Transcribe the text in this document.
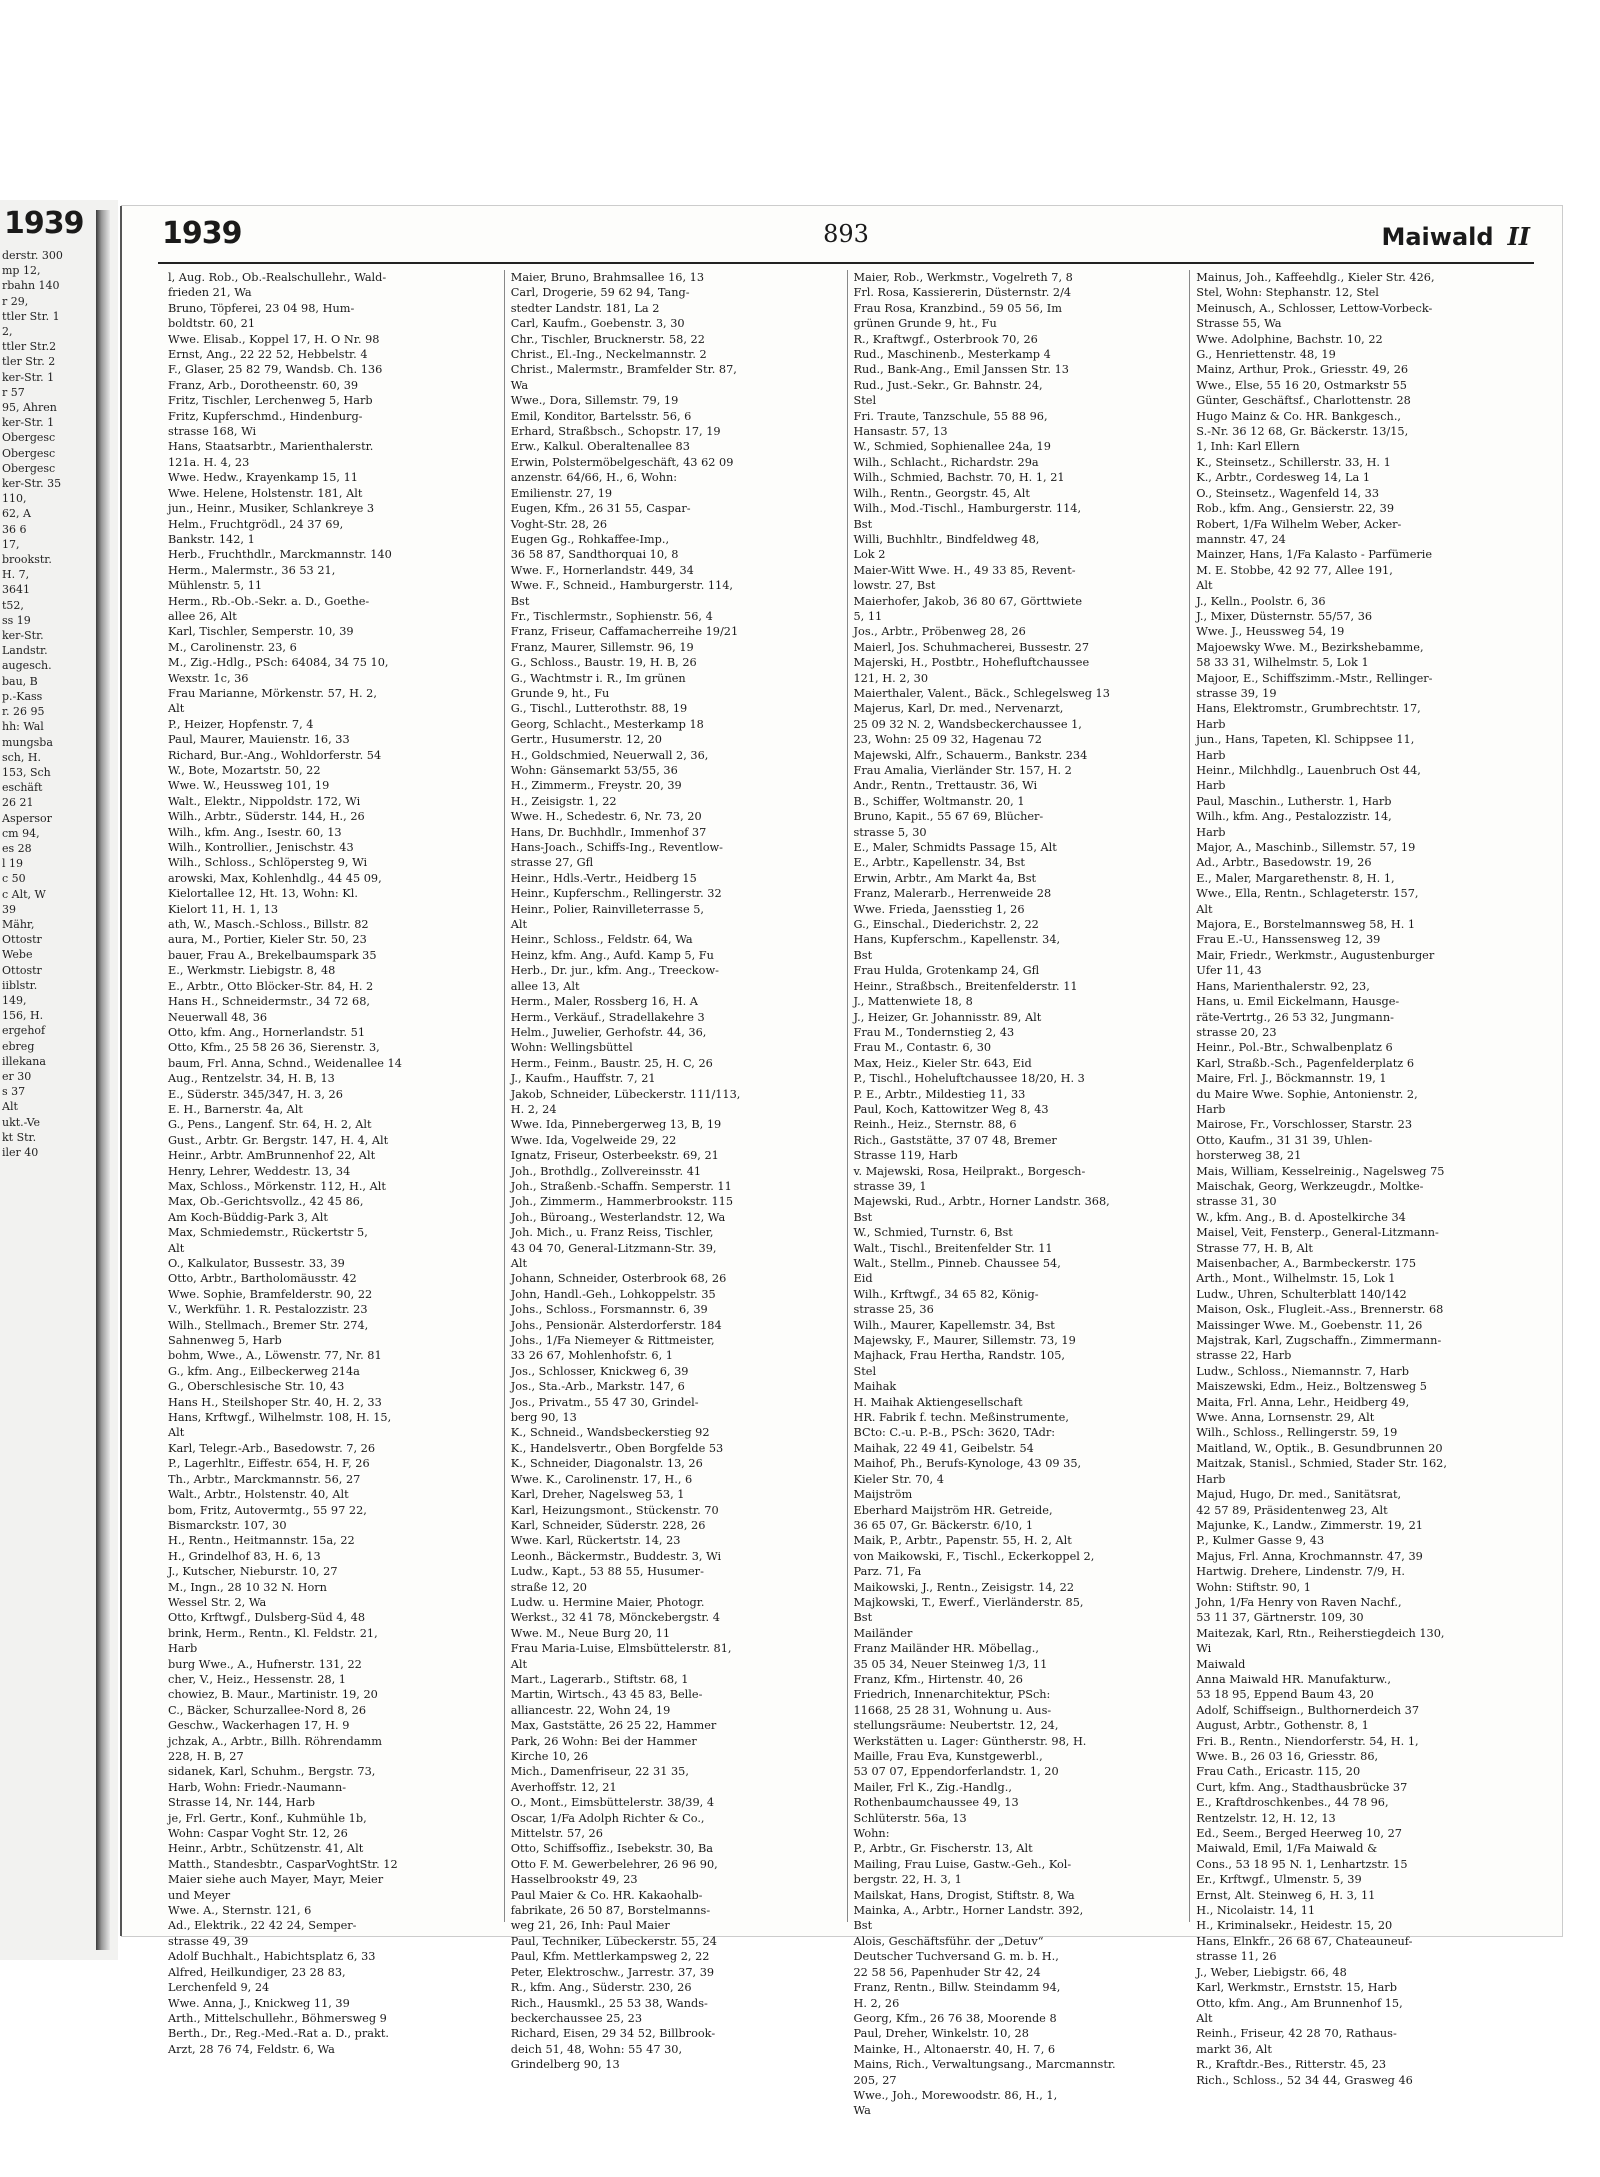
1939
derstr. 300
mp 12,
rbahn 140
r 29,
ttler Str. 1
2,
ttler Str.2
tler Str. 2
ker-Str. 1
r 57
95, Ahren
ker-Str. 1
Obergesc
Obergesc
Obergesc
ker-Str. 35
110,
62, A
36 6
17,
brookstr.
H. 7,
3641
t52,
ss 19
ker-Str.
Landstr.
augesch.
bau, B
p.-Kass
r. 26 95
hh: Wal
mungsba
sch, H.
153, Sch
eschäft
26 21
Aspersor
cm 94,
es 28
l 19
c 50
c Alt, W
39
Mähr,
Ottostr
Webe
Ottostr
iiblstr.
149,
156, H.
ergehof
ebreg
illekana
er 30
s 37
Alt
ukt.-Ve
kt Str.
iler 40
1939	893	Maiwald II
l, Aug. Rob., Ob.-Realschullehr., Wald-
frieden 21, Wa
Bruno, Töpferei, 23 04 98, Hum-
boldtstr. 60, 21
Wwe. Elisab., Koppel 17, H. O Nr. 98
Ernst, Ang., 22 22 52, Hebbelstr. 4
F., Glaser, 25 82 79, Wandsb. Ch. 136
Franz, Arb., Dorotheenstr. 60, 39
Fritz, Tischler, Lerchenweg 5, Harb
Fritz, Kupferschmd., Hindenburg-
strasse 168, Wi
Hans, Staatsarbtr., Marienthalerstr.
121a. H. 4, 23
Wwe. Hedw., Krayenkamp 15, 11
Wwe. Helene, Holstenstr. 181, Alt
jun., Heinr., Musiker, Schlankreye 3
Helm., Fruchtgrödl., 24 37 69,
Bankstr. 142, 1
Herb., Fruchthdlr., Marckmannstr. 140
Herm., Malermstr., 36 53 21,
Mühlenstr. 5, 11
Herm., Rb.-Ob.-Sekr. a. D., Goethe-
allee 26, Alt
Karl, Tischler, Semperstr. 10, 39
M., Carolinenstr. 23, 6
M., Zig.-Hdlg., PSch: 64084, 34 75 10,
Wexstr. 1c, 36
Frau Marianne, Mörkenstr. 57, H. 2,
Alt
P., Heizer, Hopfenstr. 7, 4
Paul, Maurer, Mauienstr. 16, 33
Richard, Bur.-Ang., Wohldorferstr. 54
W., Bote, Mozartstr. 50, 22
Wwe. W., Heussweg 101, 19
Walt., Elektr., Nippoldstr. 172, Wi
Wilh., Arbtr., Süderstr. 144, H., 26
Wilh., kfm. Ang., Isestr. 60, 13
Wilh., Kontrollier., Jenischstr. 43
Wilh., Schloss., Schlöpersteg 9, Wi
arowski, Max, Kohlenhdlg., 44 45 09,
Kielortallee 12, Ht. 13, Wohn: Kl.
Kielort 11, H. 1, 13
ath, W., Masch.-Schloss., Billstr. 82
aura, M., Portier, Kieler Str. 50, 23
bauer, Frau A., Brekelbaumspark 35
E., Werkmstr. Liebigstr. 8, 48
E., Arbtr., Otto Blöcker-Str. 84, H. 2
Hans H., Schneidermstr., 34 72 68,
Neuerwall 48, 36
Otto, kfm. Ang., Hornerlandstr. 51
Otto, Kfm., 25 58 26 36, Sierenstr. 3,
baum, Frl. Anna, Schnd., Weidenallee 14
Aug., Rentzelstr. 34, H. B, 13
E., Süderstr. 345/347, H. 3, 26
E. H., Barnerstr. 4a, Alt
G., Pens., Langenf. Str. 64, H. 2, Alt
Gust., Arbtr. Gr. Bergstr. 147, H. 4, Alt
Heinr., Arbtr. AmBrunnenhof 22, Alt
Henry, Lehrer, Weddestr. 13, 34
Max, Schloss., Mörkenstr. 112, H., Alt
Max, Ob.-Gerichtsvollz., 42 45 86,
Am Koch-Büddig-Park 3, Alt
Max, Schmiedemstr., Rückertstr 5,
Alt
O., Kalkulator, Bussestr. 33, 39
Otto, Arbtr., Bartholomäusstr. 42
Wwe. Sophie, Bramfelderstr. 90, 22
V., Werkführ. 1. R. Pestalozzistr. 23
Wilh., Stellmach., Bremer Str. 274,
Sahnenweg 5, Harb
bohm, Wwe., A., Löwenstr. 77, Nr. 81
G., kfm. Ang., Eilbeckerweg 214a
G., Oberschlesische Str. 10, 43
Hans H., Steilshoper Str. 40, H. 2, 33
Hans, Krftwgf., Wilhelmstr. 108, H. 15,
Alt
Karl, Telegr.-Arb., Basedowstr. 7, 26
P., Lagerhltr., Eiffestr. 654, H. F, 26
Th., Arbtr., Marckmannstr. 56, 27
Walt., Arbtr., Holstenstr. 40, Alt
bom, Fritz, Autovermtg., 55 97 22,
Bismarckstr. 107, 30
H., Rentn., Heitmannstr. 15a, 22
H., Grindelhof 83, H. 6, 13
J., Kutscher, Nieburstr. 10, 27
M., Ingn., 28 10 32 N. Horn
Wessel Str. 2, Wa
Otto, Krftwgf., Dulsberg-Süd 4, 48
brink, Herm., Rentn., Kl. Feldstr. 21,
Harb
burg Wwe., A., Hufnerstr. 131, 22
cher, V., Heiz., Hessenstr. 28, 1
chowiez, B. Maur., Martinistr. 19, 20
C., Bäcker, Schurzallee-Nord 8, 26
Geschw., Wackerhagen 17, H. 9
jchzak, A., Arbtr., Billh. Röhrendamm
228, H. B, 27
sidanek, Karl, Schuhm., Bergstr. 73,
Harb, Wohn: Friedr.-Naumann-
Strasse 14, Nr. 144, Harb
je, Frl. Gertr., Konf., Kuhmühle 1b,
Wohn: Caspar Voght Str. 12, 26
Heinr., Arbtr., Schützenstr. 41, Alt
Matth., Standesbtr., CasparVoghtStr. 12
Maier siehe auch Mayer, Mayr, Meier
und Meyer
Wwe. A., Sternstr. 121, 6
Ad., Elektrik., 22 42 24, Semper-
strasse 49, 39
Adolf Buchhalt., Habichtsplatz 6, 33
Alfred, Heilkundiger, 23 28 83,
Lerchenfeld 9, 24
Wwe. Anna, J., Knickweg 11, 39
Arth., Mittelschullehr., Böhmersweg 9
Berth., Dr., Reg.-Med.-Rat a. D., prakt.
Arzt, 28 76 74, Feldstr. 6, Wa
Maier, Bruno, Brahmsallee 16, 13
Carl, Drogerie, 59 62 94, Tang-
stedter Landstr. 181, La 2
Carl, Kaufm., Goebenstr. 3, 30
Chr., Tischler, Brucknerstr. 58, 22
Christ., El.-Ing., Neckelmannstr. 2
Christ., Malermstr., Bramfelder Str. 87,
Wa
Wwe., Dora, Sillemstr. 79, 19
Emil, Konditor, Bartelsstr. 56, 6
Erhard, Straßbsch., Schopstr. 17, 19
Erw., Kalkul. Oberaltenallee 83
Erwin, Polstermöbelgeschäft, 43 62 09
anzenstr. 64/66, H., 6, Wohn:
Emilienstr. 27, 19
Eugen, Kfm., 26 31 55, Caspar-
Voght-Str. 28, 26
Eugen Gg., Rohkaffee-Imp.,
36 58 87, Sandthorquai 10, 8
Wwe. F., Hornerlandstr. 449, 34
Wwe. F., Schneid., Hamburgerstr. 114,
Bst
Fr., Tischlermstr., Sophienstr. 56, 4
Franz, Friseur, Caffamacherreihe 19/21
Franz, Maurer, Sillemstr. 96, 19
G., Schloss., Baustr. 19, H. B, 26
G., Wachtmstr i. R., Im grünen
Grunde 9, ht., Fu
G., Tischl., Lutterothstr. 88, 19
Georg, Schlacht., Mesterkamp 18
Gertr., Husumerstr. 12, 20
H., Goldschmied, Neuerwall 2, 36,
Wohn: Gänsemarkt 53/55, 36
H., Zimmerm., Freystr. 20, 39
H., Zeisigstr. 1, 22
Wwe. H., Schedestr. 6, Nr. 73, 20
Hans, Dr. Buchhdlr., Immenhof 37
Hans-Joach., Schiffs-Ing., Reventlow-
strasse 27, Gfl
Heinr., Hdls.-Vertr., Heidberg 15
Heinr., Kupferschm., Rellingerstr. 32
Heinr., Polier, Rainvilleterrasse 5,
Alt
Heinr., Schloss., Feldstr. 64, Wa
Heinz, kfm. Ang., Aufd. Kamp 5, Fu
Herb., Dr. jur., kfm. Ang., Treeckow-
allee 13, Alt
Herm., Maler, Rossberg 16, H. A
Herm., Verkäuf., Stradellakehre 3
Helm., Juwelier, Gerhofstr. 44, 36,
Wohn: Wellingsbüttel
Herm., Feinm., Baustr. 25, H. C, 26
J., Kaufm., Hauffstr. 7, 21
Jakob, Schneider, Lübeckerstr. 111/113,
H. 2, 24
Wwe. Ida, Pinnebergerweg 13, B, 19
Wwe. Ida, Vogelweide 29, 22
Ignatz, Friseur, Osterbeekstr. 69, 21
Joh., Brothdlg., Zollvereinsstr. 41
Joh., Straßenb.-Schaffn. Semperstr. 11
Joh., Zimmerm., Hammerbrookstr. 115
Joh., Büroang., Westerlandstr. 12, Wa
Joh. Mich., u. Franz Reiss, Tischler,
43 04 70, General-Litzmann-Str. 39,
Alt
Johann, Schneider, Osterbrook 68, 26
John, Handl.-Geh., Lohkoppelstr. 35
Johs., Schloss., Forsmannstr. 6, 39
Johs., Pensionär. Alsterdorferstr. 184
Johs., 1/Fa Niemeyer & Rittmeister,
33 26 67, Mohlenhofstr. 6, 1
Jos., Schlosser, Knickweg 6, 39
Jos., Sta.-Arb., Markstr. 147, 6
Jos., Privatm., 55 47 30, Grindel-
berg 90, 13
K., Schneid., Wandsbeckerstieg 92
K., Handelsvertr., Oben Borgfelde 53
K., Schneider, Diagonalstr. 13, 26
Wwe. K., Carolinenstr. 17, H., 6
Karl, Dreher, Nagelsweg 53, 1
Karl, Heizungsmont., Stückenstr. 70
Karl, Schneider, Süderstr. 228, 26
Wwe. Karl, Rückertstr. 14, 23
Leonh., Bäckermstr., Buddestr. 3, Wi
Ludw., Kapt., 53 88 55, Husumer-
straße 12, 20
Ludw. u. Hermine Maier, Photogr.
Werkst., 32 41 78, Mönckebergstr. 4
Wwe. M., Neue Burg 20, 11
Frau Maria-Luise, Elmsbüttelerstr. 81,
Alt
Mart., Lagerarb., Stiftstr. 68, 1
Martin, Wirtsch., 43 45 83, Belle-
alliancestr. 22, Wohn 24, 19
Max, Gaststätte, 26 25 22, Hammer
Park, 26 Wohn: Bei der Hammer
Kirche 10, 26
Mich., Damenfriseur, 22 31 35,
Averhoffstr. 12, 21
O., Mont., Eimsbüttelerstr. 38/39, 4
Oscar, 1/Fa Adolph Richter & Co.,
Mittelstr. 57, 26
Otto, Schiffsoffiz., Isebekstr. 30, Ba
Otto F. M. Gewerbelehrer, 26 96 90,
Hasselbrookstr 49, 23
Paul Maier & Co. HR. Kakaohalb-
fabrikate, 26 50 87, Borstelmanns-
weg 21, 26, Inh: Paul Maier
Paul, Techniker, Lübeckerstr. 55, 24
Paul, Kfm. Mettlerkampsweg 2, 22
Peter, Elektroschw., Jarrestr. 37, 39
R., kfm. Ang., Süderstr. 230, 26
Rich., Hausmkl., 25 53 38, Wands-
beckerchaussee 25, 23
Richard, Eisen, 29 34 52, Billbrook-
deich 51, 48, Wohn: 55 47 30,
Grindelberg 90, 13
Maier, Rob., Werkmstr., Vogelreth 7, 8
Frl. Rosa, Kassiererin, Düsternstr. 2/4
Frau Rosa, Kranzbind., 59 05 56, Im
grünen Grunde 9, ht., Fu
R., Kraftwgf., Osterbrook 70, 26
Rud., Maschinenb., Mesterkamp 4
Rud., Bank-Ang., Emil Janssen Str. 13
Rud., Just.-Sekr., Gr. Bahnstr. 24,
Stel
Fri. Traute, Tanzschule, 55 88 96,
Hansastr. 57, 13
W., Schmied, Sophienallee 24a, 19
Wilh., Schlacht., Richardstr. 29a
Wilh., Schmied, Bachstr. 70, H. 1, 21
Wilh., Rentn., Georgstr. 45, Alt
Wilh., Mod.-Tischl., Hamburgerstr. 114,
Bst
Willi, Buchhltr., Bindfeldweg 48,
Lok 2
Maier-Witt Wwe. H., 49 33 85, Revent-
lowstr. 27, Bst
Maierhofer, Jakob, 36 80 67, Görttwiete
5, 11
Jos., Arbtr., Pröbenweg 28, 26
Maierl, Jos. Schuhmacherei, Bussestr. 27
Majerski, H., Postbtr., Hohefluftchaussee
121, H. 2, 30
Maierthaler, Valent., Bäck., Schlegelsweg 13
Majerus, Karl, Dr. med., Nervenarzt,
25 09 32 N. 2, Wandsbeckerchaussee 1,
23, Wohn: 25 09 32, Hagenau 72
Majewski, Alfr., Schauerm., Bankstr. 234
Frau Amalia, Vierländer Str. 157, H. 2
Andr., Rentn., Trettaustr. 36, Wi
B., Schiffer, Woltmanstr. 20, 1
Bruno, Kapit., 55 67 69, Blücher-
strasse 5, 30
E., Maler, Schmidts Passage 15, Alt
E., Arbtr., Kapellenstr. 34, Bst
Erwin, Arbtr., Am Markt 4a, Bst
Franz, Malerarb., Herrenweide 28
Wwe. Frieda, Jaensstieg 1, 26
G., Einschal., Diederichstr. 2, 22
Hans, Kupferschm., Kapellenstr. 34,
Bst
Frau Hulda, Grotenkamp 24, Gfl
Heinr., Straßbsch., Breitenfelderstr. 11
J., Mattenwiete 18, 8
J., Heizer, Gr. Johannisstr. 89, Alt
Frau M., Tondernstieg 2, 43
Frau M., Contastr. 6, 30
Max, Heiz., Kieler Str. 643, Eid
P., Tischl., Hoheluftchaussee 18/20, H. 3
P. E., Arbtr., Mildestieg 11, 33
Paul, Koch, Kattowitzer Weg 8, 43
Reinh., Heiz., Sternstr. 88, 6
Rich., Gaststätte, 37 07 48, Bremer
Strasse 119, Harb
v. Majewski, Rosa, Heilprakt., Borgesch-
strasse 39, 1
Majewski, Rud., Arbtr., Horner Landstr. 368,
Bst
W., Schmied, Turnstr. 6, Bst
Walt., Tischl., Breitenfelder Str. 11
Walt., Stellm., Pinneb. Chaussee 54,
Eid
Wilh., Krftwgf., 34 65 82, König-
strasse 25, 36
Wilh., Maurer, Kapellemstr. 34, Bst
Majewsky, F., Maurer, Sillemstr. 73, 19
Majhack, Frau Hertha, Randstr. 105,
Stel
Maihak
H. Maihak Aktiengesellschaft
HR. Fabrik f. techn. Meßinstrumente,
BCto: C.-u. P.-B., PSch: 3620, TAdr:
Maihak, 22 49 41, Geibelstr. 54
Maihof, Ph., Berufs-Kynologe, 43 09 35,
Kieler Str. 70, 4
Maijström
Eberhard Maijström HR. Getreide,
36 65 07, Gr. Bäckerstr. 6/10, 1
Maik, P., Arbtr., Papenstr. 55, H. 2, Alt
von Maikowski, F., Tischl., Eckerkoppel 2,
Parz. 71, Fa
Maikowski, J., Rentn., Zeisigstr. 14, 22
Majkowski, T., Ewerf., Vierländerstr. 85,
Bst
Mailänder
Franz Mailänder HR. Möbellag.,
35 05 34, Neuer Steinweg 1/3, 11
Franz, Kfm., Hirtenstr. 40, 26
Friedrich, Innenarchitektur, PSch:
11668, 25 28 31, Wohnung u. Aus-
stellungsräume: Neubertstr. 12, 24,
Werkstätten u. Lager: Güntherstr. 98, H.
Maille, Frau Eva, Kunstgewerbl.,
53 07 07, Eppendorferlandstr. 1, 20
Mailer, Frl K., Zig.-Handlg.,
Rothenbaumchaussee 49, 13
Schlüterstr. 56a, 13
Wohn:
P., Arbtr., Gr. Fischerstr. 13, Alt
Mailing, Frau Luise, Gastw.-Geh., Kol-
bergstr. 22, H. 3, 1
Mailskat, Hans, Drogist, Stiftstr. 8, Wa
Mainka, A., Arbtr., Horner Landstr. 392,
Bst
Alois, Geschäftsführ. der „Detuv“
Deutscher Tuchversand G. m. b. H.,
22 58 56, Papenhuder Str 42, 24
Franz, Rentn., Billw. Steindamm 94,
H. 2, 26
Georg, Kfm., 26 76 38, Moorende 8
Paul, Dreher, Winkelstr. 10, 28
Mainke, H., Altonaerstr. 40, H. 7, 6
Mains, Rich., Verwaltungsang., Marcmannstr.
205, 27
Wwe., Joh., Morewoodstr. 86, H., 1,
Wa
Mainus, Joh., Kaffeehdlg., Kieler Str. 426,
Stel, Wohn: Stephanstr. 12, Stel
Meinusch, A., Schlosser, Lettow-Vorbeck-
Strasse 55, Wa
Wwe. Adolphine, Bachstr. 10, 22
G., Henriettenstr. 48, 19
Mainz, Arthur, Prok., Griesstr. 49, 26
Wwe., Else, 55 16 20, Ostmarkstr 55
Günter, Geschäftsf., Charlottenstr. 28
Hugo Mainz & Co. HR. Bankgesch.,
S.-Nr. 36 12 68, Gr. Bäckerstr. 13/15,
1, Inh: Karl Ellern
K., Steinsetz., Schillerstr. 33, H. 1
K., Arbtr., Cordesweg 14, La 1
O., Steinsetz., Wagenfeld 14, 33
Rob., kfm. Ang., Gensierstr. 22, 39
Robert, 1/Fa Wilhelm Weber, Acker-
mannstr. 47, 24
Mainzer, Hans, 1/Fa Kalasto - Parfümerie
M. E. Stobbe, 42 92 77, Allee 191,
Alt
J., Kelln., Poolstr. 6, 36
J., Mixer, Düsternstr. 55/57, 36
Wwe. J., Heussweg 54, 19
Majoewsky Wwe. M., Bezirkshebamme,
58 33 31, Wilhelmstr. 5, Lok 1
Majoor, E., Schiffszimm.-Mstr., Rellinger-
strasse 39, 19
Hans, Elektromstr., Grumbrechtstr. 17,
Harb
jun., Hans, Tapeten, Kl. Schippsee 11,
Harb
Heinr., Milchhdlg., Lauenbruch Ost 44,
Harb
Paul, Maschin., Lutherstr. 1, Harb
Wilh., kfm. Ang., Pestalozzistr. 14,
Harb
Major, A., Maschinb., Sillemstr. 57, 19
Ad., Arbtr., Basedowstr. 19, 26
E., Maler, Margarethenstr. 8, H. 1,
Wwe., Ella, Rentn., Schlageterstr. 157,
Alt
Majora, E., Borstelmannsweg 58, H. 1
Frau E.-U., Hanssensweg 12, 39
Mair, Friedr., Werkmstr., Augustenburger
Ufer 11, 43
Hans, Marienthalerstr. 92, 23,
Hans, u. Emil Eickelmann, Hausge-
räte-Vertrtg., 26 53 32, Jungmann-
strasse 20, 23
Heinr., Pol.-Btr., Schwalbenplatz 6
Karl, Straßb.-Sch., Pagenfelderplatz 6
Maire, Frl. J., Böckmannstr. 19, 1
du Maire Wwe. Sophie, Antonienstr. 2,
Harb
Mairose, Fr., Vorschlosser, Starstr. 23
Otto, Kaufm., 31 31 39, Uhlen-
horsterweg 38, 21
Mais, William, Kesselreinig., Nagelsweg 75
Maischak, Georg, Werkzeugdr., Moltke-
strasse 31, 30
W., kfm. Ang., B. d. Apostelkirche 34
Maisel, Veit, Fensterp., General-Litzmann-
Strasse 77, H. B, Alt
Maisenbacher, A., Barmbeckerstr. 175
Arth., Mont., Wilhelmstr. 15, Lok 1
Ludw., Uhren, Schulterblatt 140/142
Maison, Osk., Flugleit.-Ass., Brennerstr. 68
Maissinger Wwe. M., Goebenstr. 11, 26
Majstrak, Karl, Zugschaffn., Zimmermann-
strasse 22, Harb
Ludw., Schloss., Niemannstr. 7, Harb
Maiszewski, Edm., Heiz., Boltzensweg 5
Maita, Frl. Anna, Lehr., Heidberg 49,
Wwe. Anna, Lornsenstr. 29, Alt
Wilh., Schloss., Rellingerstr. 59, 19
Maitland, W., Optik., B. Gesundbrunnen 20
Maitzak, Stanisl., Schmied, Stader Str. 162,
Harb
Majud, Hugo, Dr. med., Sanitätsrat,
42 57 89, Präsidentenweg 23, Alt
Majunke, K., Landw., Zimmerstr. 19, 21
P., Kulmer Gasse 9, 43
Majus, Frl. Anna, Krochmannstr. 47, 39
Hartwig. Drehere, Lindenstr. 7/9, H.
Wohn: Stiftstr. 90, 1
John, 1/Fa Henry von Raven Nachf.,
53 11 37, Gärtnerstr. 109, 30
Maitezak, Karl, Rtn., Reiherstiegdeich 130,
Wi
Maiwald
Anna Maiwald HR. Manufakturw.,
53 18 95, Eppend Baum 43, 20
Adolf, Schiffseign., Bulthornerdeich 37
August, Arbtr., Gothenstr. 8, 1
Fri. B., Rentn., Niendorferstr. 54, H. 1,
Wwe. B., 26 03 16, Griesstr. 86,
Frau Cath., Ericastr. 115, 20
Curt, kfm. Ang., Stadthausbrücke 37
E., Kraftdroschkenbes., 44 78 96,
Rentzelstr. 12, H. 12, 13
Ed., Seem., Berged Heerweg 10, 27
Maiwald, Emil, 1/Fa Maiwald &
Cons., 53 18 95 N. 1, Lenhartzstr. 15
Er., Krftwgf., Ulmenstr. 5, 39
Ernst, Alt. Steinweg 6, H. 3, 11
H., Nicolaistr. 14, 11
H., Kriminalsekr., Heidestr. 15, 20
Hans, Elnkfr., 26 68 67, Chateauneuf-
strasse 11, 26
J., Weber, Liebigstr. 66, 48
Karl, Werkmstr., Ernststr. 15, Harb
Otto, kfm. Ang., Am Brunnenhof 15,
Alt
Reinh., Friseur, 42 28 70, Rathaus-
markt 36, Alt
R., Kraftdr.-Bes., Ritterstr. 45, 23
Rich., Schloss., 52 34 44, Grasweg 46
